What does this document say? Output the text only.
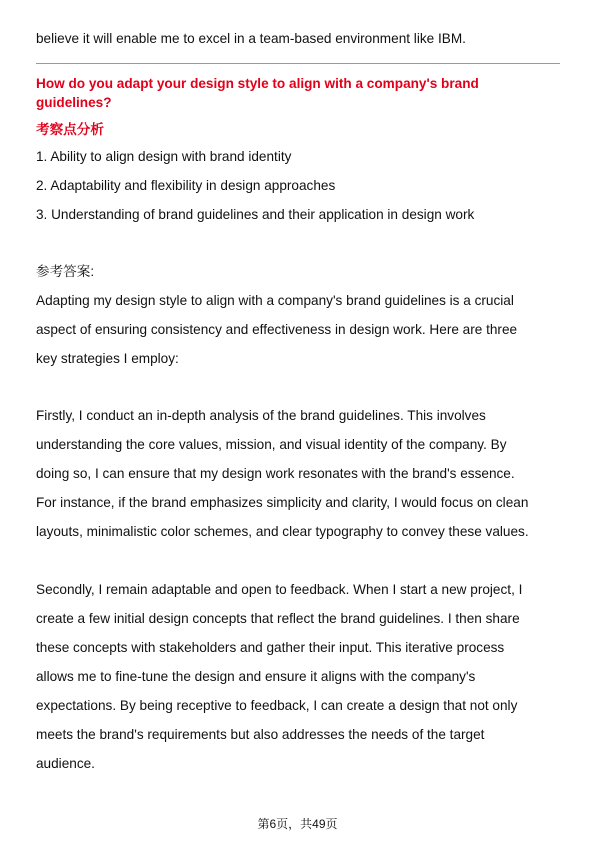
believe it will enable me to excel in a team-based environment like IBM.
How do you adapt your design style to align with a company's brand
guidelines?
考察点分析
1. Ability to align design with brand identity
2. Adaptability and flexibility in design approaches
3. Understanding of brand guidelines and their application in design work
参考答案:
Adapting my design style to align with a company's brand guidelines is a crucial
aspect of ensuring consistency and effectiveness in design work. Here are three
key strategies I employ:
Firstly, I conduct an in-depth analysis of the brand guidelines. This involves
understanding the core values, mission, and visual identity of the company. By
doing so, I can ensure that my design work resonates with the brand's essence.
For instance, if the brand emphasizes simplicity and clarity, I would focus on clean
layouts, minimalistic color schemes, and clear typography to convey these values.
Secondly, I remain adaptable and open to feedback. When I start a new project, I
create a few initial design concepts that reflect the brand guidelines. I then share
these concepts with stakeholders and gather their input. This iterative process
allows me to fine-tune the design and ensure it aligns with the company's
expectations. By being receptive to feedback, I can create a design that not only
meets the brand's requirements but also addresses the needs of the target
audience.
第6页，共49页
